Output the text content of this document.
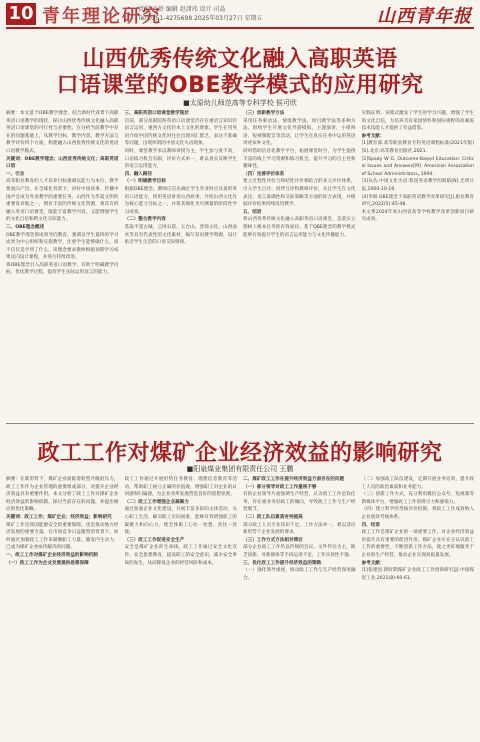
10 青年理论研究
责编 卢蓓 编辑 赵潇玮 设计 司晶
Tel:0351-4275698 2025年03月27日 星期五	山西青年报
山西优秀传统文化融入高职英语
口语课堂的OBE教学模式的应用研究
■太原幼儿师范高等专科学校 侯可欣

摘要：本文基于OBE教学理念，结合新时代背景下高职英语口语教学的现状，探讨山西优秀传统文化融入高职英语口语课堂的可行性与必要性。在分析当前教学中存在的问题基础上，从教学目标、教学内容、教学方法与教学评价四个方面，构建融入山西优秀传统文化的英语口语教学模式。

关键词：OBE教学理念；山西优秀传统文化；高职英语口语

一、引言

高等职业教育的人才培养目标强调以能力为本位，教学要面向产出。在全球化背景下，讲好中国故事、传播中国声音成为外语教学的重要任务。山西作为华夏文明的重要发祥地之一，拥有丰富的传统文化资源，将其有机融入英语口语课堂，既能丰富教学内容，又能增强学生的文化自信和跨文化交际能力。

二、OBE理念概述

OBE教学理念即成果导向教育，强调以学生最终的学习成果为中心组织和实施教学，注重学生能够做什么，而不仅仅是学到了什么。该理念要求教师根据预期学习成果反向设计课程，并进行持续改进。

将OBE理念引入高职英语口语教学，有助于明确教学目标，优化教学过程，提高学生实际运用语言的能力。

三、高职英语口语课堂教学现状

目前，部分高职院校英语口语课堂仍存在重语言知识轻语言运用、重西方文化轻本土文化的现象。学生在用英语介绍中国传统文化时往往出现词汇匮乏、表达不准确等问题，出现所谓的中国文化失语现象。

同时，课堂教学多以教师讲授为主，学生参与度不高，口语练习机会有限，评价方式单一，难以真实反映学生的语言运用能力。

四、融入路径

（一）明确教学目标

根据OBE理念，教师应首先确定学生毕业时应具备的英语口语能力，将用英语讲述山西故事、介绍山西文化作为核心能力目标之一，并将其细化为可测量的阶段性学习成果。

（二）整合教学内容

选取平遥古城、云冈石窟、五台山、晋商文化、山西面食等具有代表性的文化素材，编写双语教学资源，设计贴近学生生活的口语交际情境。

（三）创新教学方法

采用任务驱动法、情境教学法、项目教学法等多种方法，组织学生开展文化导游模拟、主题演讲、小组辩论、短视频配音等活动，让学生在真实任务中运用英语讲述家乡文化。

同时借助信息化教学平台，拓展课堂时空，为学生提供丰富的线上学习资源和练习机会，提升学习的自主性和趣味性。

（四）完善评价体系

建立过程性评价与终结性评价相结合的多元评价体系，引入学生自评、同伴互评和教师评价，关注学生在文化表达、语言准确性和交际策略等方面的综合表现，并根据评价结果持续改进教学。

五、结语

将山西优秀传统文化融入高职英语口语课堂，是落实立德树人根本任务的有效途径。基于OBE理念的教学模式能够有效提升学生的语言运用能力与文化传播能力。

实践证明，该模式激发了学生的学习兴趣，增强了学生的文化自信，为培养具有家国情怀和国际视野的高素质技术技能人才提供了有益借鉴。

参考文献：

[1]教育部.高等职业教育专科英语课程标准(2021年版)[S].北京:高等教育出版社,2021.

[2]Spady W G. Outcome-Based Education: Critical Issues and Answers[M]. American Association of School Administrators, 1994.

[3]从丛.中国文化失语:我国英语教学的缺陷[N].光明日报,2000-10-19.

[4]李娟.OBE理念下高职英语教学改革研究[J].职业教育研究,2022(5):45-48.

本文系2024年度山西省高等学校教学改革创新项目研究成果。

政工工作对煤矿企业经济效益的影响研究
■阳泉煤业集团有限责任公司 王鹏

摘要：在新形势下，煤矿企业面临着转型升级的压力，政工工作作为企业管理的重要组成部分，对提升企业经济效益具有重要作用。本文分析了政工工作对煤矿企业经济效益的影响机制，探讨当前存在的问题，并提出相应的优化策略。

关键词：政工工作；煤矿企业；经济效益；影响研究

煤矿工作是我国能源安全的重要保障，也是推动地方经济发展的重要力量。在市场竞争日益激烈的背景下，如何通过加强政工工作来凝聚职工力量、激发内生动力，已成为煤矿企业亟待解决的问题。

一、政工工作对煤矿企业经济效益的影响机制

（一）政工工作为企业发展提供思想保障

政工工作通过开展形势任务教育、理想信念教育等活动，帮助职工树立正确的价值观，增强职工对企业的认同感和归属感，为企业改革发展营造良好的思想氛围。

（二）政工工作增强企业凝聚力

通过加强企业文化建设，开展丰富多彩的文体活动，关心职工生活，解决职工实际困难，能够有效增强职工的凝聚力和向心力，使全体职工心往一处想、劲往一处使。

（三）政工工作促进安全生产

安全是煤矿企业的生命线。政工工作通过安全文化宣传、安全思想教育，提高职工的安全意识，减少安全事故的发生，从而降低企业的经营风险和成本。

二、煤矿政工工作在提升经济效益方面存在的问题

（一）部分领导对政工工作重视不够

有的企业领导片面强调生产经营，认为政工工作是软任务，存在重业务轻政工的倾向，导致政工工作与生产经营脱节。

（二）政工队伍素质有待提高

部分政工人员专业知识不足，工作方法单一，难以适应新形势下企业发展的要求。

（三）工作方式方法相对滞后

部分企业政工工作仍以传统的会议、文件传达为主，缺乏创新，对新媒体等手段运用不足，工作实效性不强。

三、优化政工工作提升经济效益的策略

（一）强化领导重视，推动政工工作与生产经营深度融合。

（二）加强政工队伍建设，定期开展业务培训，提升政工人员的政治素质和业务能力。

（三）创新工作方式，充分利用微信公众号、短视频等新媒体平台，增强政工工作的吸引力和感染力。

（四）建立科学的考核评价机制，将政工工作成效纳入企业绩效考核体系。

四、结语

政工工作是煤矿企业的一项重要工作，对企业经济效益的提升具有重要的促进作用。煤矿企业应充分认识政工工作的重要性，不断创新工作方法，使之更好地服务于企业的生产经营，推动企业实现高质量发展。

参考文献：

[1]张建国.新时期煤矿企业政工工作创新研究[J].中国煤炭工业,2021(8):60-61.
